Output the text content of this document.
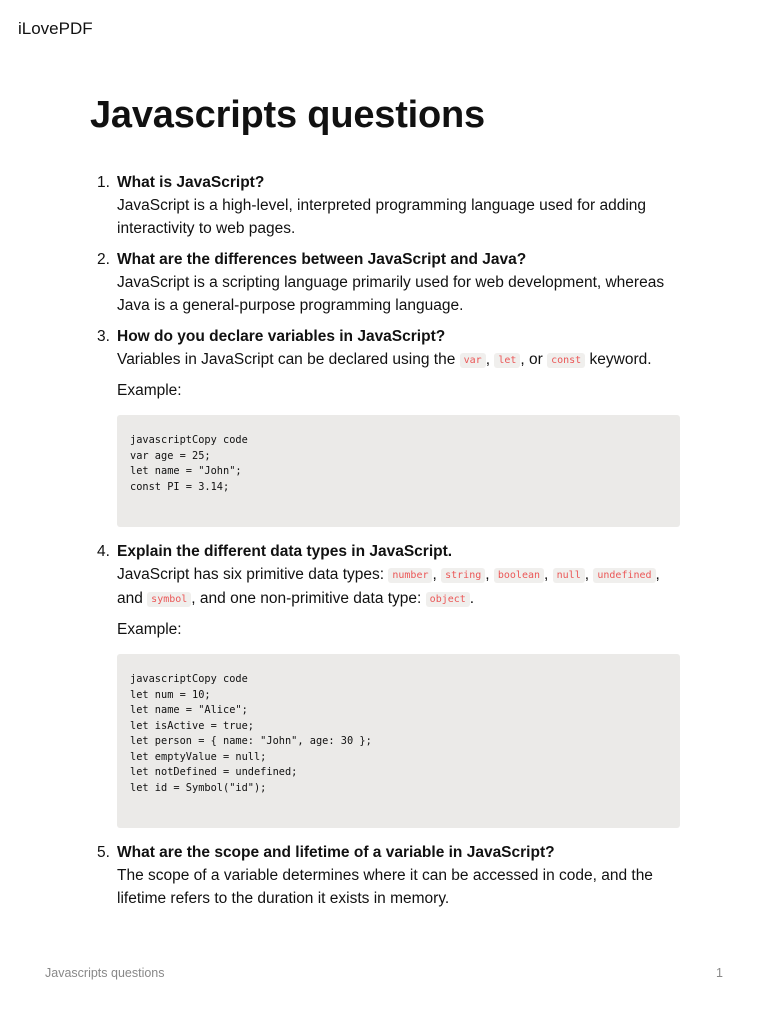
iLovePDF
Javascripts questions
1. What is JavaScript?
JavaScript is a high-level, interpreted programming language used for adding interactivity to web pages.
2. What are the differences between JavaScript and Java?
JavaScript is a scripting language primarily used for web development, whereas Java is a general-purpose programming language.
3. How do you declare variables in JavaScript?
Variables in JavaScript can be declared using the var , let , or const keyword.
Example:
javascriptCopy code
var age = 25;
let name = "John";
const PI = 3.14;
4. Explain the different data types in JavaScript.
JavaScript has six primitive data types: number , string , boolean , null , undefined , and symbol , and one non-primitive data type: object .
Example:
javascriptCopy code
let num = 10;
let name = "Alice";
let isActive = true;
let person = { name: "John", age: 30 };
let emptyValue = null;
let notDefined = undefined;
let id = Symbol("id");
5. What are the scope and lifetime of a variable in JavaScript?
The scope of a variable determines where it can be accessed in code, and the lifetime refers to the duration it exists in memory.
Javascripts questions	1
